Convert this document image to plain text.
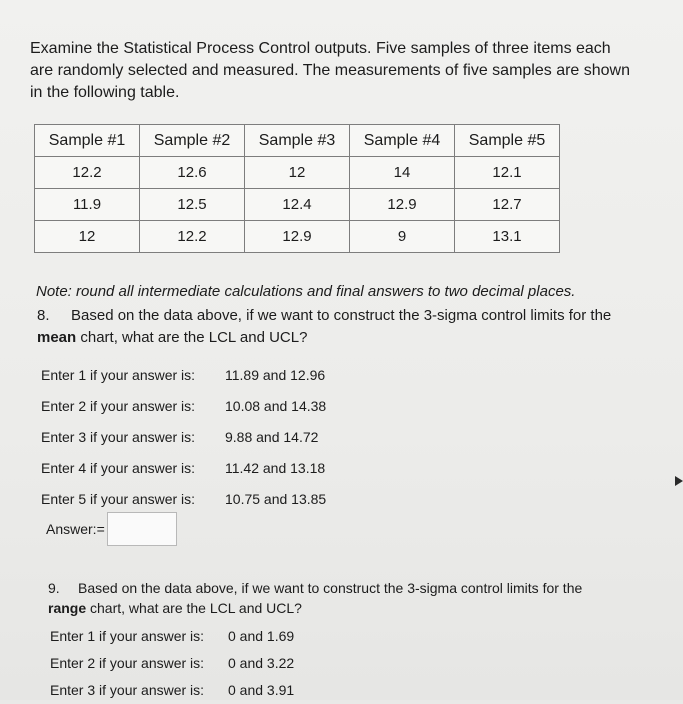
Examine the Statistical Process Control outputs. Five samples of three items each are randomly selected and measured. The measurements of five samples are shown in the following table.
Sample #1	Sample #2	Sample #3	Sample #4	Sample #5
12.2	12.6	12	14	12.1
11.9	12.5	12.4	12.9	12.7
12	12.2	12.9	9	13.1
Note: round all intermediate calculations and final answers to two decimal places.
8. Based on the data above, if we want to construct the 3-sigma control limits for the mean chart, what are the LCL and UCL?
Enter 1 if your answer is: 11.89 and 12.96
Enter 2 if your answer is: 10.08 and 14.38
Enter 3 if your answer is: 9.88 and 14.72
Enter 4 if your answer is: 11.42 and 13.18
Enter 5 if your answer is: 10.75 and 13.85
Answer:=
9. Based on the data above, if we want to construct the 3-sigma control limits for the range chart, what are the LCL and UCL?
Enter 1 if your answer is: 0 and 1.69
Enter 2 if your answer is: 0 and 3.22
Enter 3 if your answer is: 0 and 3.91
